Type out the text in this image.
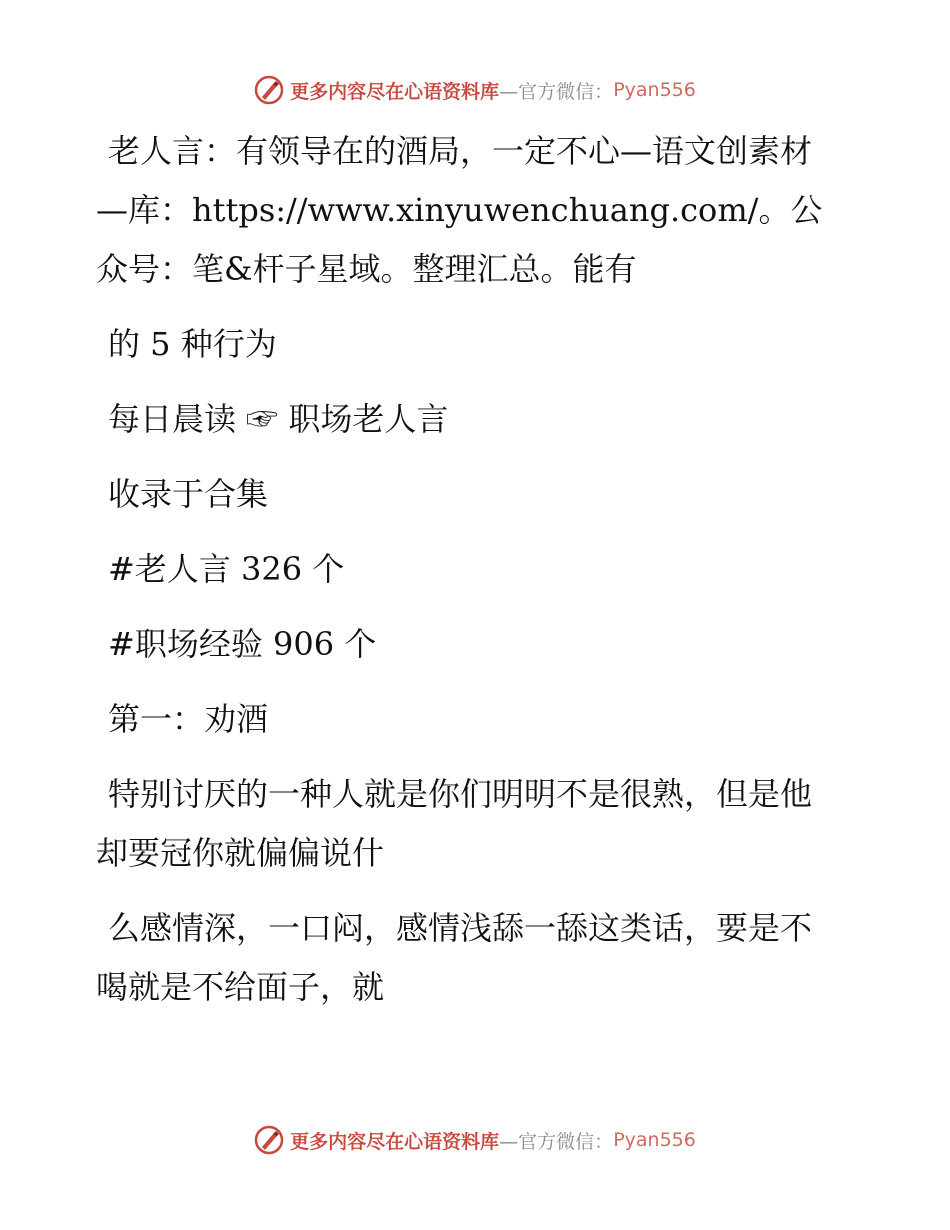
更多内容尽在心语资料库 —官方微信： Pyan556

老人言：有领导在的酒局，一定不心—语文创素材—库：https://www.xinyuwenchuang.com/。公众号：笔&杆子星域。整理汇总。能有

的 5 种行为

每日晨读 ☞ 职场老人言

收录于合集

#老人言 326 个

#职场经验 906 个

第一：劝酒

特别讨厌的一种人就是你们明明不是很熟，但是他却要冠你就偏偏说什

么感情深，一口闷，感情浅舔一舔这类话，要是不喝就是不给面子，就

更多内容尽在心语资料库 —官方微信： Pyan556
